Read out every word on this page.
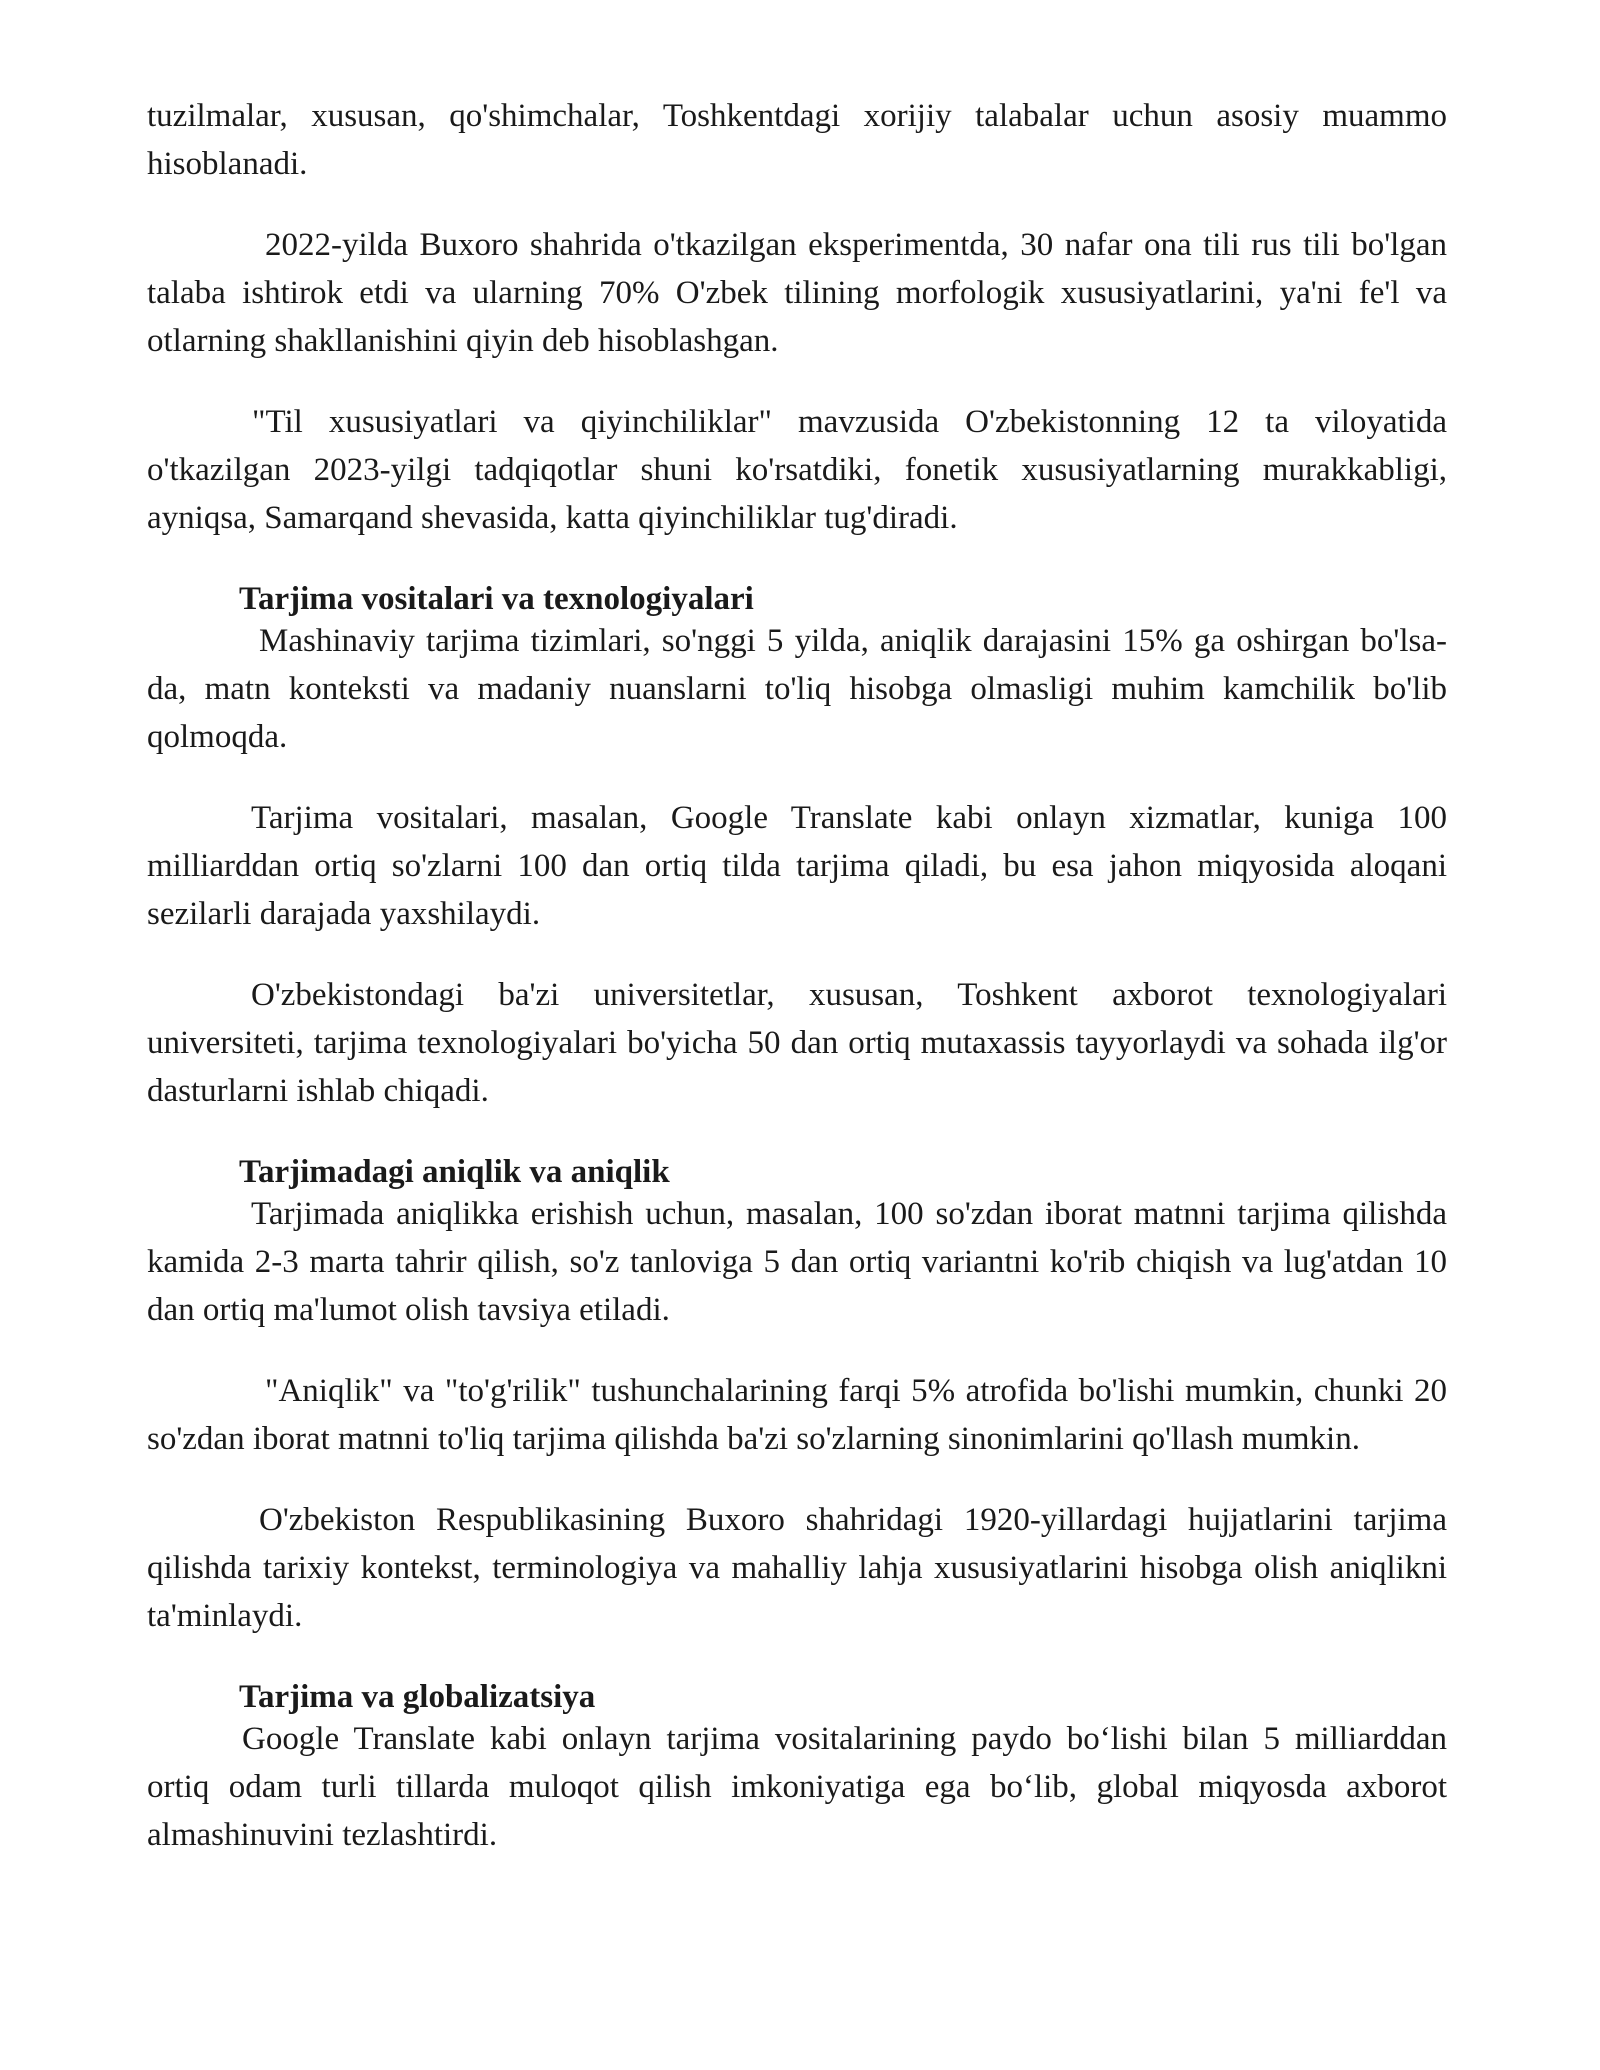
tuzilmalar, xususan, qo'shimchalar, Toshkentdagi xorijiy talabalar uchun asosiy muammo hisoblanadi.

2022-yilda Buxoro shahrida o'tkazilgan eksperimentda, 30 nafar ona tili rus tili bo'lgan talaba ishtirok etdi va ularning 70% O'zbek tilining morfologik xususiyatlarini, ya'ni fe'l va otlarning shakllanishini qiyin deb hisoblashgan.

"Til xususiyatlari va qiyinchiliklar" mavzusida O'zbekistonning 12 ta viloyatida o'tkazilgan 2023-yilgi tadqiqotlar shuni ko'rsatdiki, fonetik xususiyatlarning murakkabligi, ayniqsa, Samarqand shevasida, katta qiyinchiliklar tug'diradi.

Tarjima vositalari va texnologiyalari

Mashinaviy tarjima tizimlari, so'nggi 5 yilda, aniqlik darajasini 15% ga oshirgan bo'lsa-da, matn konteksti va madaniy nuanslarni to'liq hisobga olmasligi muhim kamchilik bo'lib qolmoqda.

Tarjima vositalari, masalan, Google Translate kabi onlayn xizmatlar, kuniga 100 milliarddan ortiq so'zlarni 100 dan ortiq tilda tarjima qiladi, bu esa jahon miqyosida aloqani sezilarli darajada yaxshilaydi.

O'zbekistondagi ba'zi universitetlar, xususan, Toshkent axborot texnologiyalari universiteti, tarjima texnologiyalari bo'yicha 50 dan ortiq mutaxassis tayyorlaydi va sohada ilg'or dasturlarni ishlab chiqadi.

Tarjimadagi aniqlik va aniqlik

Tarjimada aniqlikka erishish uchun, masalan, 100 so'zdan iborat matnni tarjima qilishda kamida 2-3 marta tahrir qilish, so'z tanloviga 5 dan ortiq variantni ko'rib chiqish va lug'atdan 10 dan ortiq ma'lumot olish tavsiya etiladi.

"Aniqlik" va "to'g'rilik" tushunchalarining farqi 5% atrofida bo'lishi mumkin, chunki 20 so'zdan iborat matnni to'liq tarjima qilishda ba'zi so'zlarning sinonimlarini qo'llash mumkin.

O'zbekiston Respublikasining Buxoro shahridagi 1920-yillardagi hujjatlarini tarjima qilishda tarixiy kontekst, terminologiya va mahalliy lahja xususiyatlarini hisobga olish aniqlikni ta'minlaydi.

Tarjima va globalizatsiya

Google Translate kabi onlayn tarjima vositalarining paydo bo‘lishi bilan 5 milliarddan ortiq odam turli tillarda muloqot qilish imkoniyatiga ega bo‘lib, global miqyosda axborot almashinuvini tezlashtirdi.
